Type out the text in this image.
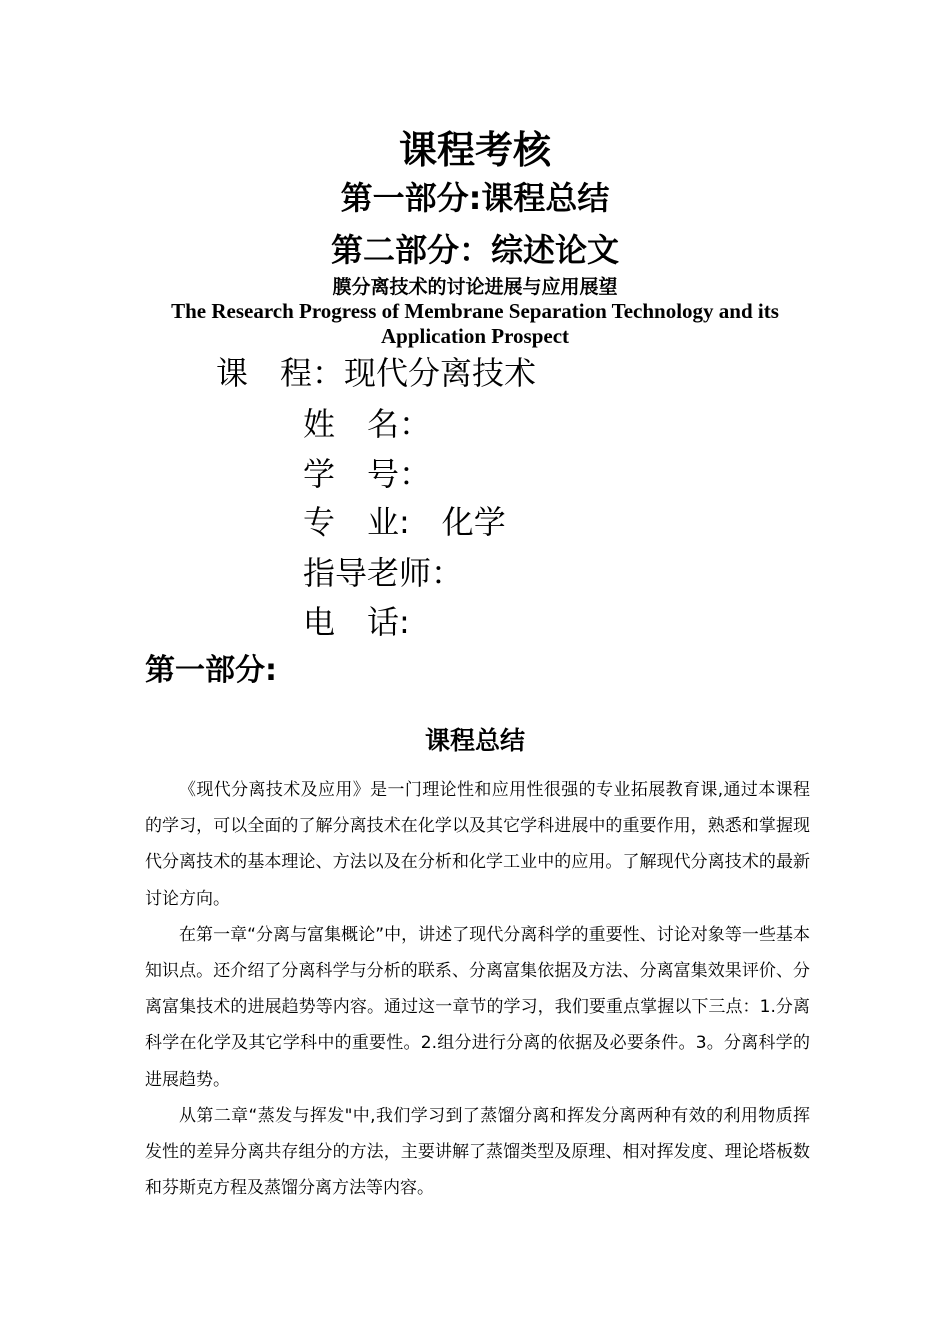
课程考核
第一部分:课程总结
第二部分：综述论文
膜分离技术的讨论进展与应用展望
The Research Progress of Membrane Separation Technology and its Application Prospect
课　程：现代分离技术
姓　名：
学　号：
专　业:　化学
指导老师：
电　话:
第一部分:
课程总结

《现代分离技术及应用》是一门理论性和应用性很强的专业拓展教育课,通过本课程的学习，可以全面的了解分离技术在化学以及其它学科进展中的重要作用，熟悉和掌握现代分离技术的基本理论、方法以及在分析和化学工业中的应用。了解现代分离技术的最新讨论方向。

在第一章“分离与富集概论”中，讲述了现代分离科学的重要性、讨论对象等一些基本知识点。还介绍了分离科学与分析的联系、分离富集依据及方法、分离富集效果评价、分离富集技术的进展趋势等内容。通过这一章节的学习，我们要重点掌握以下三点：1.分离科学在化学及其它学科中的重要性。2.组分进行分离的依据及必要条件。3。分离科学的进展趋势。

从第二章“蒸发与挥发"中,我们学习到了蒸馏分离和挥发分离两种有效的利用物质挥发性的差异分离共存组分的方法，主要讲解了蒸馏类型及原理、相对挥发度、理论塔板数和芬斯克方程及蒸馏分离方法等内容。
